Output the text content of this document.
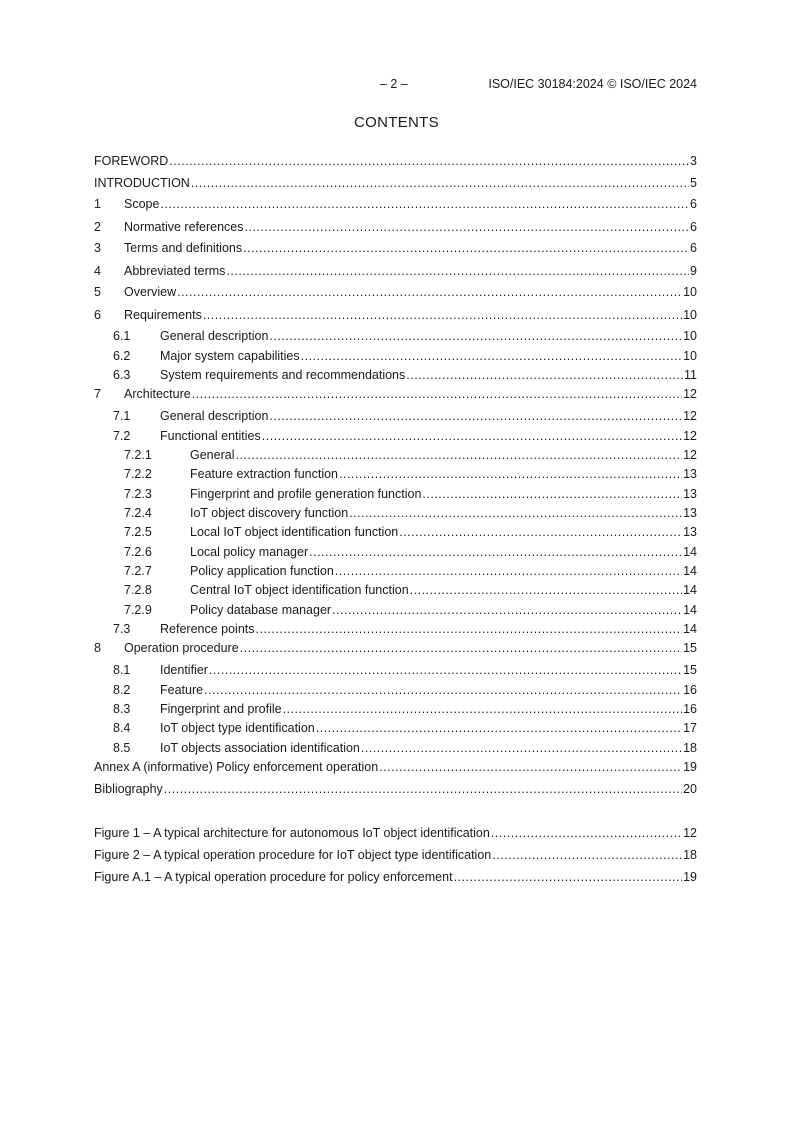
– 2 –	ISO/IEC 30184:2024 © ISO/IEC 2024
CONTENTS
FOREWORD .....	3
INTRODUCTION .....	5
1	Scope .....	6
2	Normative references .....	6
3	Terms and definitions .....	6
4	Abbreviated terms .....	9
5	Overview .....	10
6	Requirements .....	10
6.1	General description .....	10
6.2	Major system capabilities .....	10
6.3	System requirements and recommendations .....	11
7	Architecture .....	12
7.1	General description .....	12
7.2	Functional entities .....	12
7.2.1	General .....	12
7.2.2	Feature extraction function .....	13
7.2.3	Fingerprint and profile generation function .....	13
7.2.4	IoT object discovery function .....	13
7.2.5	Local IoT object identification function .....	13
7.2.6	Local policy manager .....	14
7.2.7	Policy application function .....	14
7.2.8	Central IoT object identification function .....	14
7.2.9	Policy database manager .....	14
7.3	Reference points .....	14
8	Operation procedure .....	15
8.1	Identifier .....	15
8.2	Feature .....	16
8.3	Fingerprint and profile .....	16
8.4	IoT object type identification .....	17
8.5	IoT objects association identification .....	18
Annex A (informative) Policy enforcement operation .....	19
Bibliography .....	20
Figure 1 – A typical architecture for autonomous IoT object identification .....	12
Figure 2 – A typical operation procedure for IoT object type identification .....	18
Figure A.1 – A typical operation procedure for policy enforcement .....	19
